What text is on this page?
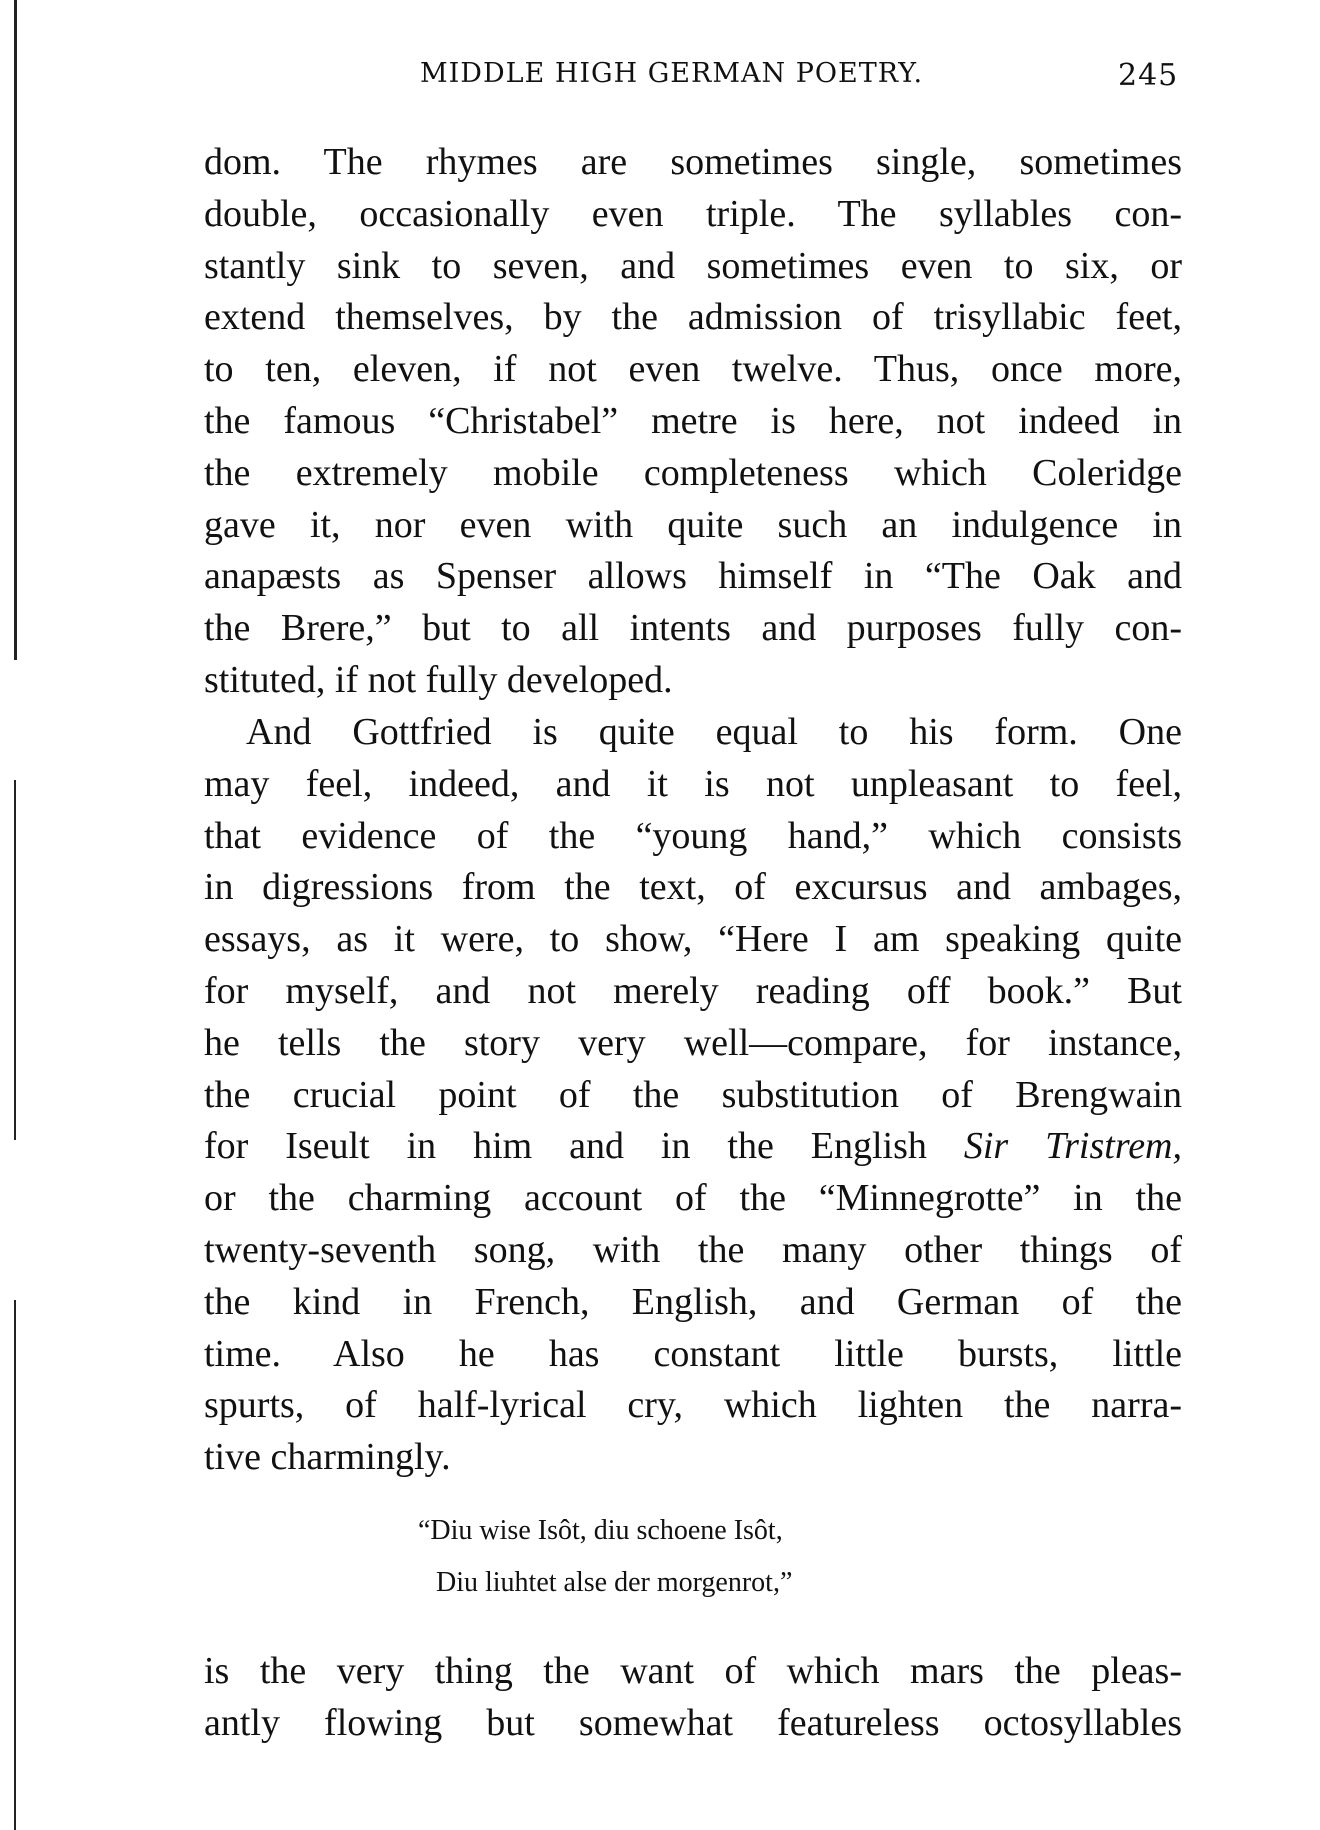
MIDDLE HIGH GERMAN POETRY.	245
dom. The rhymes are sometimes single, sometimes
double, occasionally even triple. The syllables con-
stantly sink to seven, and sometimes even to six, or
extend themselves, by the admission of trisyllabic feet,
to ten, eleven, if not even twelve. Thus, once more,
the famous “Christabel” metre is here, not indeed in
the extremely mobile completeness which Coleridge
gave it, nor even with quite such an indulgence in
anapæsts as Spenser allows himself in “The Oak and
the Brere,” but to all intents and purposes fully con-
stituted, if not fully developed.
And Gottfried is quite equal to his form. One
may feel, indeed, and it is not unpleasant to feel,
that evidence of the “young hand,” which consists
in digressions from the text, of excursus and ambages,
essays, as it were, to show, “Here I am speaking quite
for myself, and not merely reading off book.” But
he tells the story very well—compare, for instance,
the crucial point of the substitution of Brengwain
for Iseult in him and in the English Sir Tristrem,
or the charming account of the “Minnegrotte” in the
twenty-seventh song, with the many other things of
the kind in French, English, and German of the
time. Also he has constant little bursts, little
spurts, of half-lyrical cry, which lighten the narra-
tive charmingly.
is the very thing the want of which mars the pleas-
antly flowing but somewhat featureless octosyllables
“Diu wise Isôt, diu schoene Isôt,
Diu liuhtet alse der morgenrot,”
